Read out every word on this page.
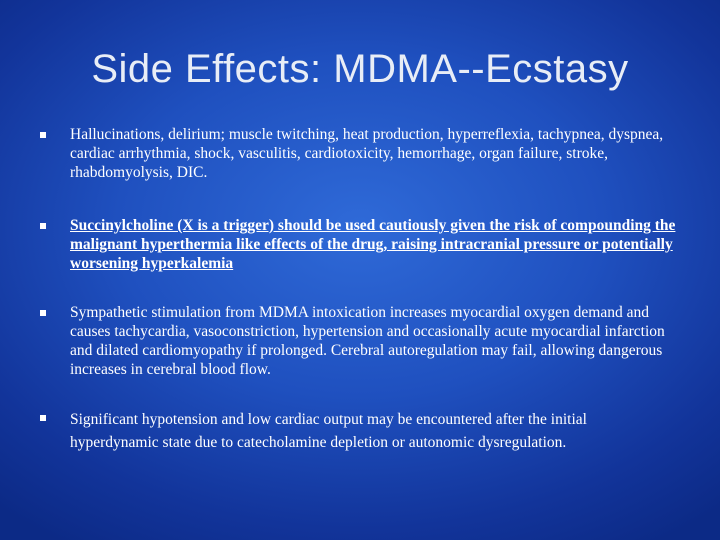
Side Effects: MDMA--Ecstasy
Hallucinations, delirium; muscle twitching, heat production, hyperreflexia, tachypnea, dyspnea, cardiac arrhythmia, shock, vasculitis, cardiotoxicity, hemorrhage, organ failure, stroke, rhabdomyolysis, DIC.
Succinylcholine (X is a trigger) should be used cautiously given the risk of compounding the malignant hyperthermia like effects of the drug, raising intracranial pressure or potentially worsening hyperkalemia
Sympathetic stimulation from MDMA intoxication increases myocardial oxygen demand and causes tachycardia, vasoconstriction, hypertension and occasionally acute myocardial infarction and dilated cardiomyopathy if prolonged. Cerebral autoregulation may fail, allowing dangerous increases in cerebral blood flow.
Significant hypotension and low cardiac output may be encountered after the initial hyperdynamic state due to catecholamine depletion or autonomic dysregulation.
